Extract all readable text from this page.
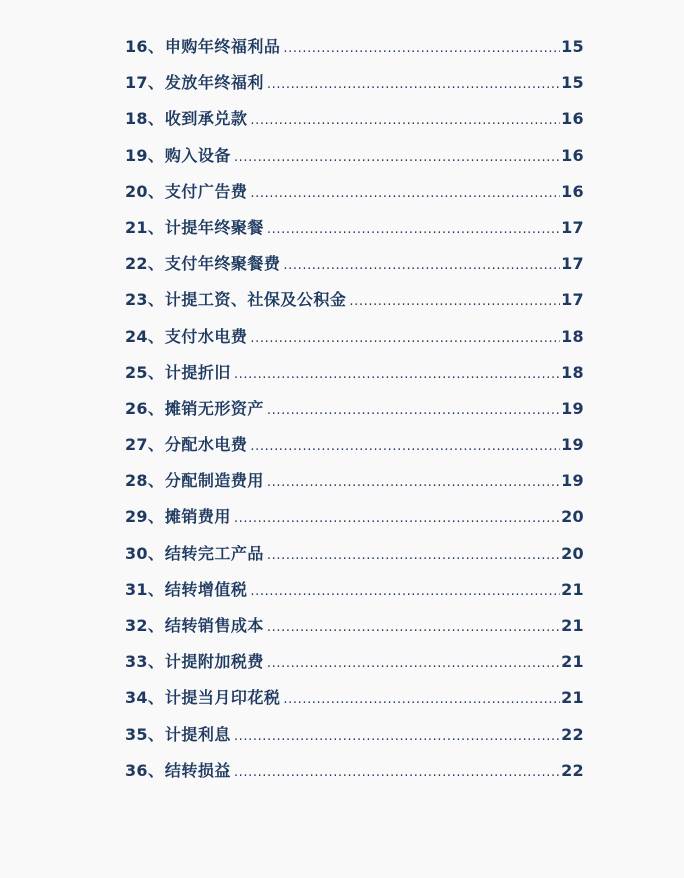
16 、 申购年终福利品 .....	15
17 、 发放年终福利 .....	15
18 、 收到承兑款 .....	16
19 、 购入设备 .....	16
20 、 支付广告费 .....	16
21 、 计提年终聚餐 .....	17
22 、 支付年终聚餐费 .....	17
23 、 计提工资、社保及公积金 .....	17
24 、 支付水电费 .....	18
25 、 计提折旧 .....	18
26 、 摊销无形资产 .....	19
27 、 分配水电费 .....	19
28 、 分配制造费用 .....	19
29 、 摊销费用 .....	20
30 、 结转完工产品 .....	20
31 、 结转增值税 .....	21
32 、 结转销售成本 .....	21
33 、 计提附加税费 .....	21
34 、 计提当月印花税 .....	21
35 、 计提利息 .....	22
36 、 结转损益 .....	22
